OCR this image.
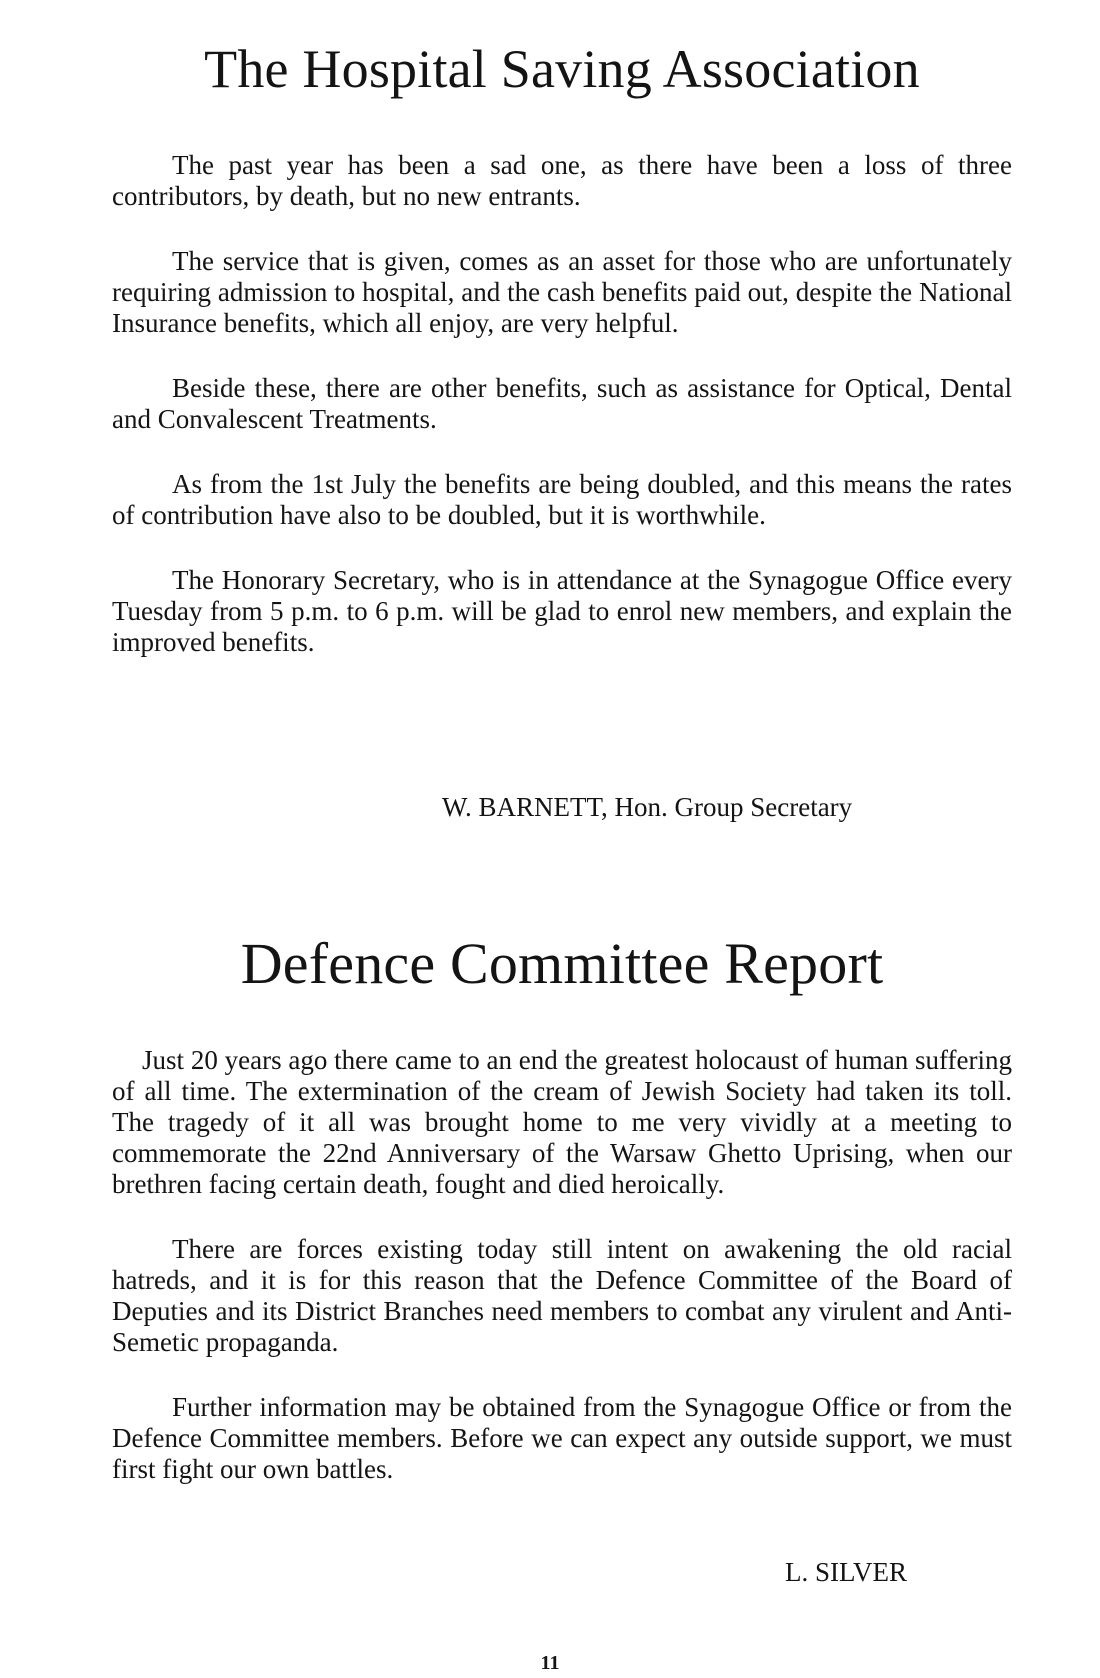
The Hospital Saving Association

The past year has been a sad one, as there have been a loss of three contributors, by death, but no new entrants.

The service that is given, comes as an asset for those who are unfortunately requiring admission to hospital, and the cash benefits paid out, despite the National Insurance benefits, which all enjoy, are very helpful.

Beside these, there are other benefits, such as assistance for Optical, Dental and Convalescent Treatments.

As from the 1st July the benefits are being doubled, and this means the rates of contribution have also to be doubled, but it is worthwhile.

The Honorary Secretary, who is in attendance at the Synagogue Office every Tuesday from 5 p.m. to 6 p.m. will be glad to enrol new members, and explain the improved benefits.

W. BARNETT, Hon. Group Secretary
Defence Committee Report

Just 20 years ago there came to an end the greatest holocaust of human suffering of all time. The extermination of the cream of Jewish Society had taken its toll. The tragedy of it all was brought home to me very vividly at a meeting to commemorate the 22nd Anniversary of the Warsaw Ghetto Uprising, when our brethren facing certain death, fought and died heroically.

There are forces existing today still intent on awakening the old racial hatreds, and it is for this reason that the Defence Committee of the Board of Deputies and its District Branches need members to combat any virulent and Anti-Semetic propaganda.

Further information may be obtained from the Synagogue Office or from the Defence Committee members. Before we can expect any outside support, we must first fight our own battles.

L. SILVER
11
